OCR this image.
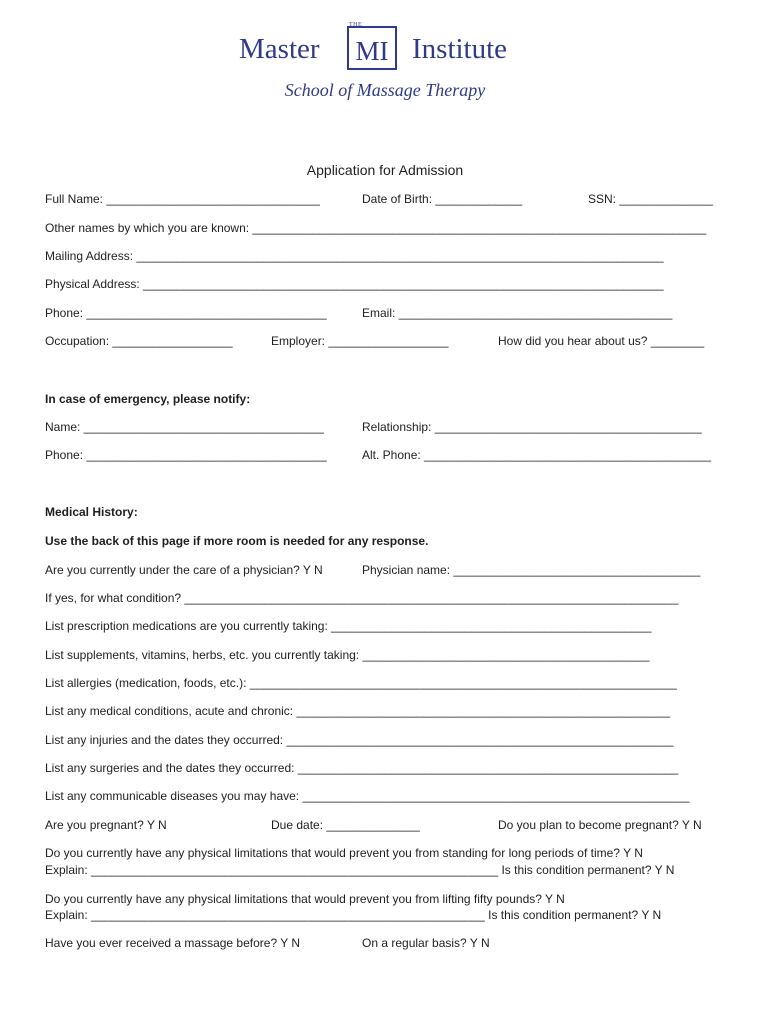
Master
THE
MI Institute
School of Massage Therapy
Application for Admission
Full Name: ________________________________	Date of Birth: _____________	SSN: ______________
Other names by which you are known: ____________________________________________________________________
Mailing Address: _______________________________________________________________________________
Physical Address: ______________________________________________________________________________
Phone: ____________________________________	Email: _________________________________________
Occupation: __________________	Employer: __________________	How did you hear about us? ________
In case of emergency, please notify:
Name: ____________________________________	Relationship: ________________________________________
Phone: ____________________________________	Alt. Phone: ___________________________________________
Medical History:
Use the back of this page if more room is needed for any response.
Are you currently under the care of a physician? Y N	Physician name: _____________________________________
If yes, for what condition? __________________________________________________________________________
List prescription medications are you currently taking: ________________________________________________
List supplements, vitamins, herbs, etc. you currently taking: ___________________________________________
List allergies (medication, foods, etc.): ________________________________________________________________
List any medical conditions, acute and chronic: ________________________________________________________
List any injuries and the dates they occurred: __________________________________________________________
List any surgeries and the dates they occurred: _________________________________________________________
List any communicable diseases you may have: __________________________________________________________
Are you pregnant? Y N	Due date: ______________	Do you plan to become pregnant? Y N
Do you currently have any physical limitations that would prevent you from standing for long periods of time? Y N
Explain: _____________________________________________________________ Is this condition permanent? Y N
Do you currently have any physical limitations that would prevent you from lifting fifty pounds? Y N
Explain: ___________________________________________________________ Is this condition permanent? Y N
Have you ever received a massage before? Y N	On a regular basis? Y N
